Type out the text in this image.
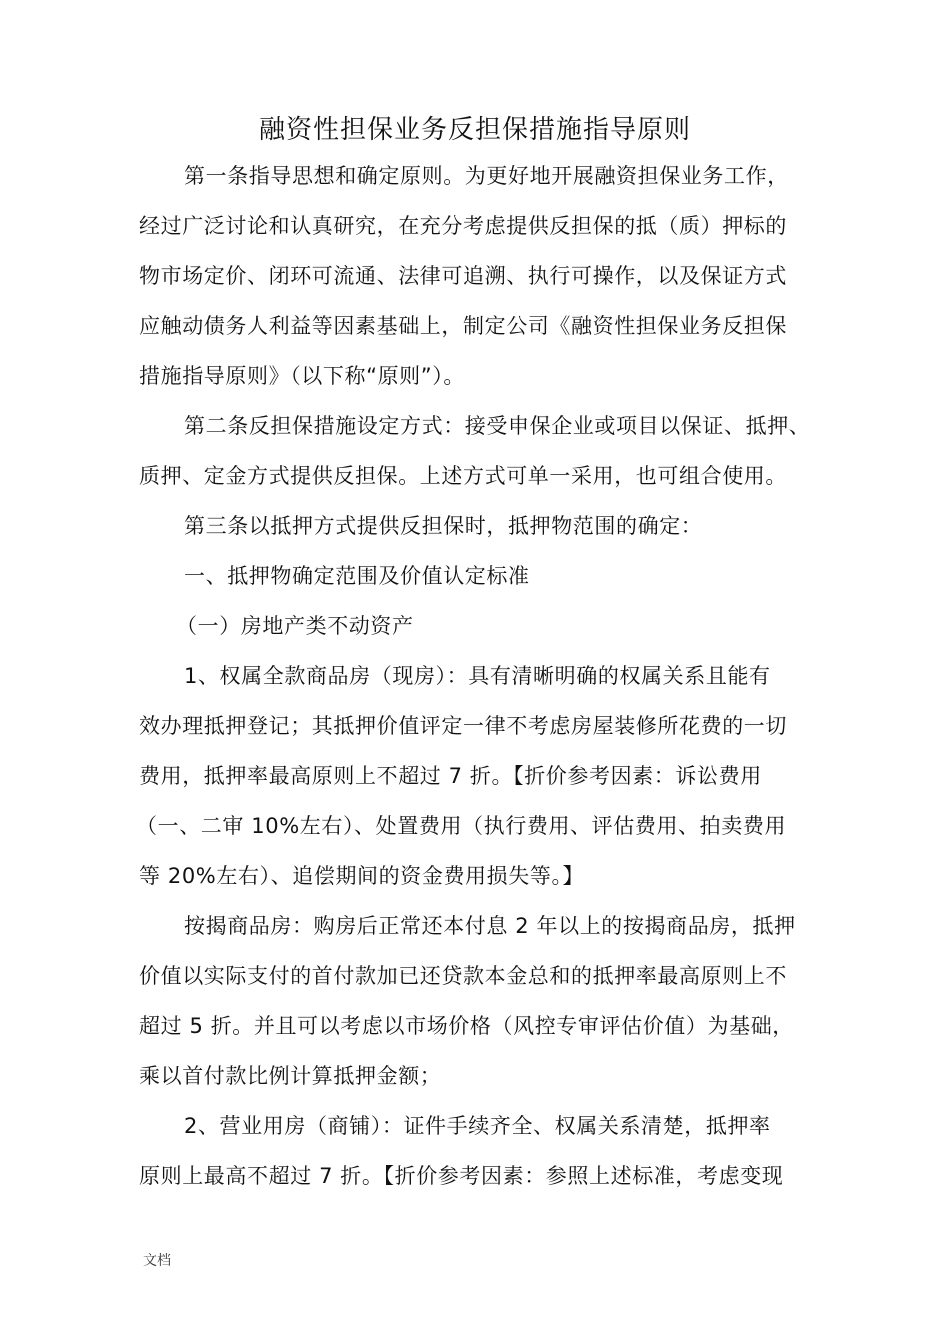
融资性担保业务反担保措施指导原则
第一条指导思想和确定原则。为更好地开展融资担保业务工作，
经过广泛讨论和认真研究，在充分考虑提供反担保的抵（质）押标的
物市场定价、闭环可流通、法律可追溯、执行可操作，以及保证方式
应触动债务人利益等因素基础上，制定公司《融资性担保业务反担保
措施指导原则》（以下称“原则”）。
第二条反担保措施设定方式：接受申保企业或项目以保证、抵押、
质押、定金方式提供反担保。上述方式可单一采用，也可组合使用。
第三条以抵押方式提供反担保时，抵押物范围的确定：
一、抵押物确定范围及价值认定标准
（一）房地产类不动资产
1、权属全款商品房（现房）：具有清晰明确的权属关系且能有
效办理抵押登记；其抵押价值评定一律不考虑房屋装修所花费的一切
费用，抵押率最高原则上不超过 7 折。【折价参考因素：诉讼费用
（一、二审 10%左右）、处置费用（执行费用、评估费用、拍卖费用
等 20%左右）、追偿期间的资金费用损失等。】
按揭商品房：购房后正常还本付息 2 年以上的按揭商品房，抵押
价值以实际支付的首付款加已还贷款本金总和的抵押率最高原则上不
超过 5 折。并且可以考虑以市场价格（风控专审评估价值）为基础，
乘以首付款比例计算抵押金额；
2、营业用房（商铺）：证件手续齐全、权属关系清楚，抵押率
原则上最高不超过 7 折。【折价参考因素：参照上述标准，考虑变现
文档
